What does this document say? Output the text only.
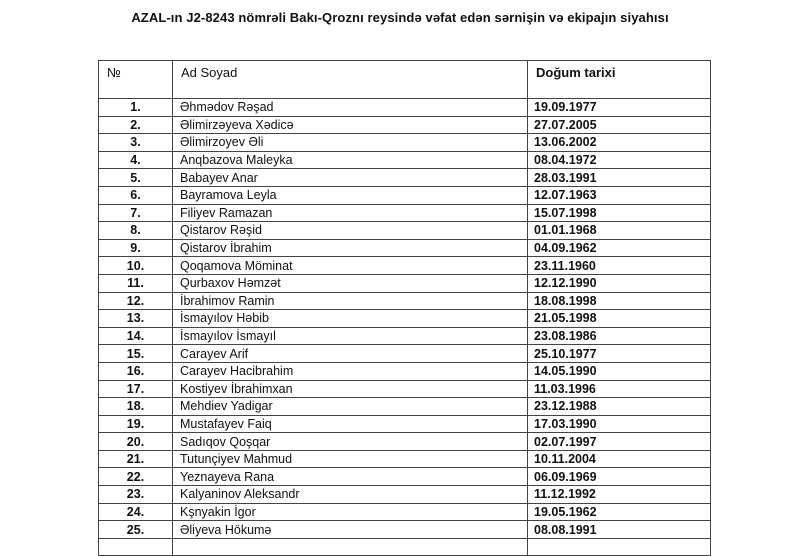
AZAL-ın J2-8243 nömrəli Bakı-Qroznı reysində vəfat edən sərnişin və ekipajın siyahısı
№	Ad Soyad	Doğum tarixi
1.	Əhmədov Rəşad	19.09.1977
2.	Əlimirzəyeva Xədicə	27.07.2005
3.	Əlimirzoyev Əli	13.06.2002
4.	Anqbazova Maleyka	08.04.1972
5.	Babayev Anar	28.03.1991
6.	Bayramova Leyla	12.07.1963
7.	Filiyev Ramazan	15.07.1998
8.	Qistarov Rəşid	01.01.1968
9.	Qistarov İbrahim	04.09.1962
10.	Qoqamova Möminat	23.11.1960
11.	Qurbaxov Həmzət	12.12.1990
12.	İbrahimov Ramin	18.08.1998
13.	İsmayılov Həbib	21.05.1998
14.	İsmayılov İsmayıl	23.08.1986
15.	Carayev Arif	25.10.1977
16.	Carayev Hacibrahim	14.05.1990
17.	Kostiyev İbrahimxan	11.03.1996
18.	Mehdiev Yadigar	23.12.1988
19.	Mustafayev Faiq	17.03.1990
20.	Sadıqov Qoşqar	02.07.1997
21.	Tutunçiyev Mahmud	10.11.2004
22.	Yeznayeva Rana	06.09.1969
23.	Kalyaninov Aleksandr	11.12.1992
24.	Kşnyakin İgor	19.05.1962
25.	Əliyeva Hökumə	08.08.1991
